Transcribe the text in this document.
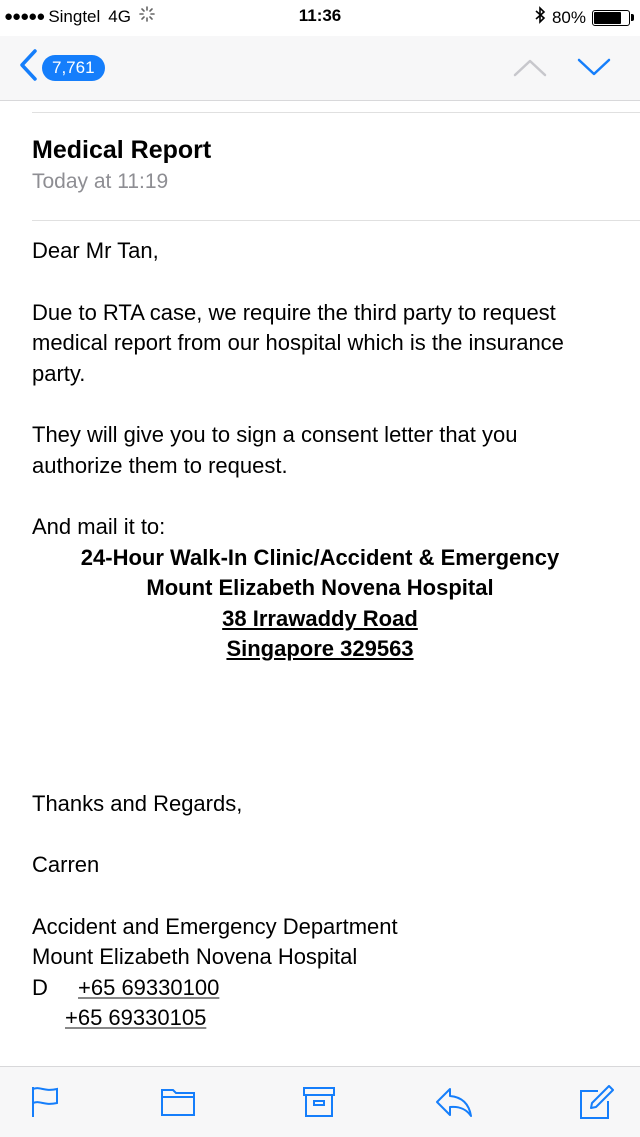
●●●●● Singtel 4G	11:36	80%
7,761
Medical Report
Today at 11:19

Dear Mr Tan,

Due to RTA case, we require the third party to request medical report from our hospital which is the insurance party.

They will give you to sign a consent letter that you authorize them to request.

And mail it to:

24-Hour Walk-In Clinic/Accident & Emergency
Mount Elizabeth Novena Hospital
38 Irrawaddy Road
Singapore 329563

Thanks and Regards,

Carren

Accident and Emergency Department

Mount Elizabeth Novena Hospital

D +65 69330100

+65 69330105
